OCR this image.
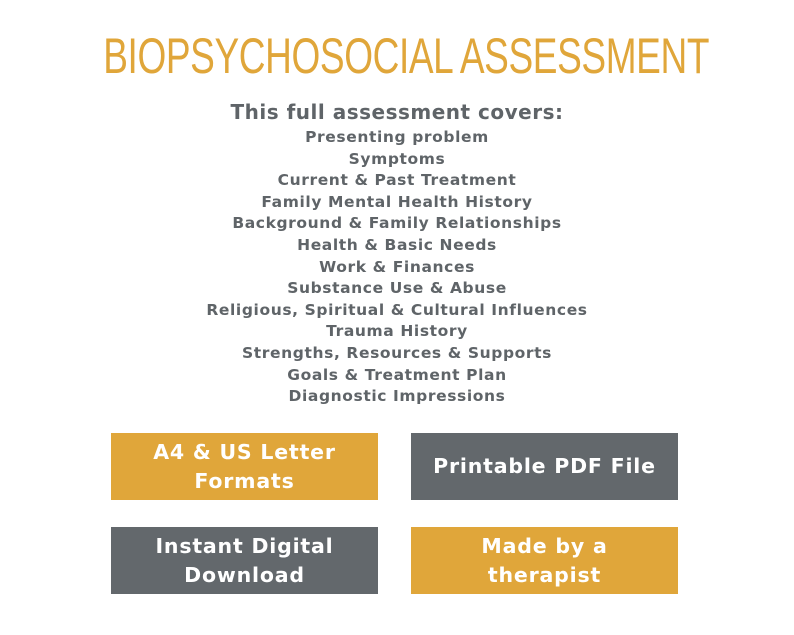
BIOPSYCHOSOCIAL ASSESSMENT
This full assessment covers:
Presenting problem
Symptoms
Current & Past Treatment
Family Mental Health History
Background & Family Relationships
Health & Basic Needs
Work & Finances
Substance Use & Abuse
Religious, Spiritual & Cultural Influences
Trauma History
Strengths, Resources & Supports
Goals & Treatment Plan
Diagnostic Impressions
A4 & US Letter
Formats
Printable PDF File
Instant Digital
Download
Made by a
therapist
